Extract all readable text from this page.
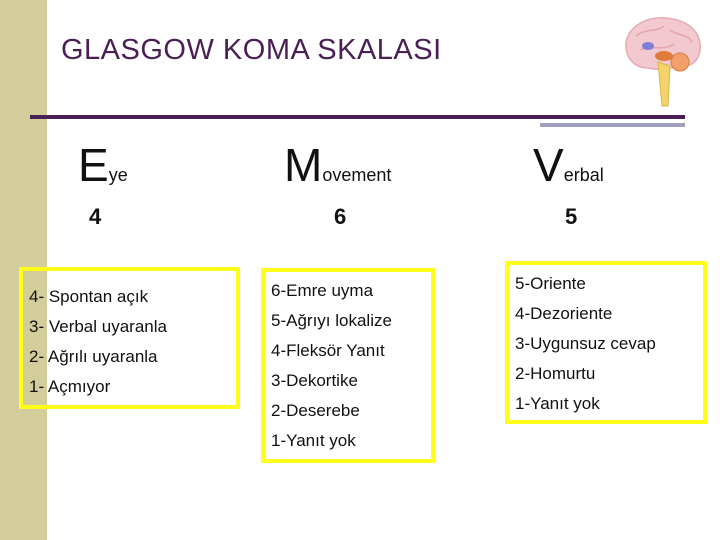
GLASGOW KOMA SKALASI
Eye
4
4- Spontan açık
3- Verbal uyaranla
2- Ağrılı uyaranla
1- Açmıyor
Movement
6
6-Emre uyma
5-Ağrıyı lokalize
4-Fleksör Yanıt
3-Dekortike
2-Deserebe
1-Yanıt yok
Verbal
5
5-Oriente
4-Dezoriente
3-Uygunsuz cevap
2-Homurtu
1-Yanıt yok
